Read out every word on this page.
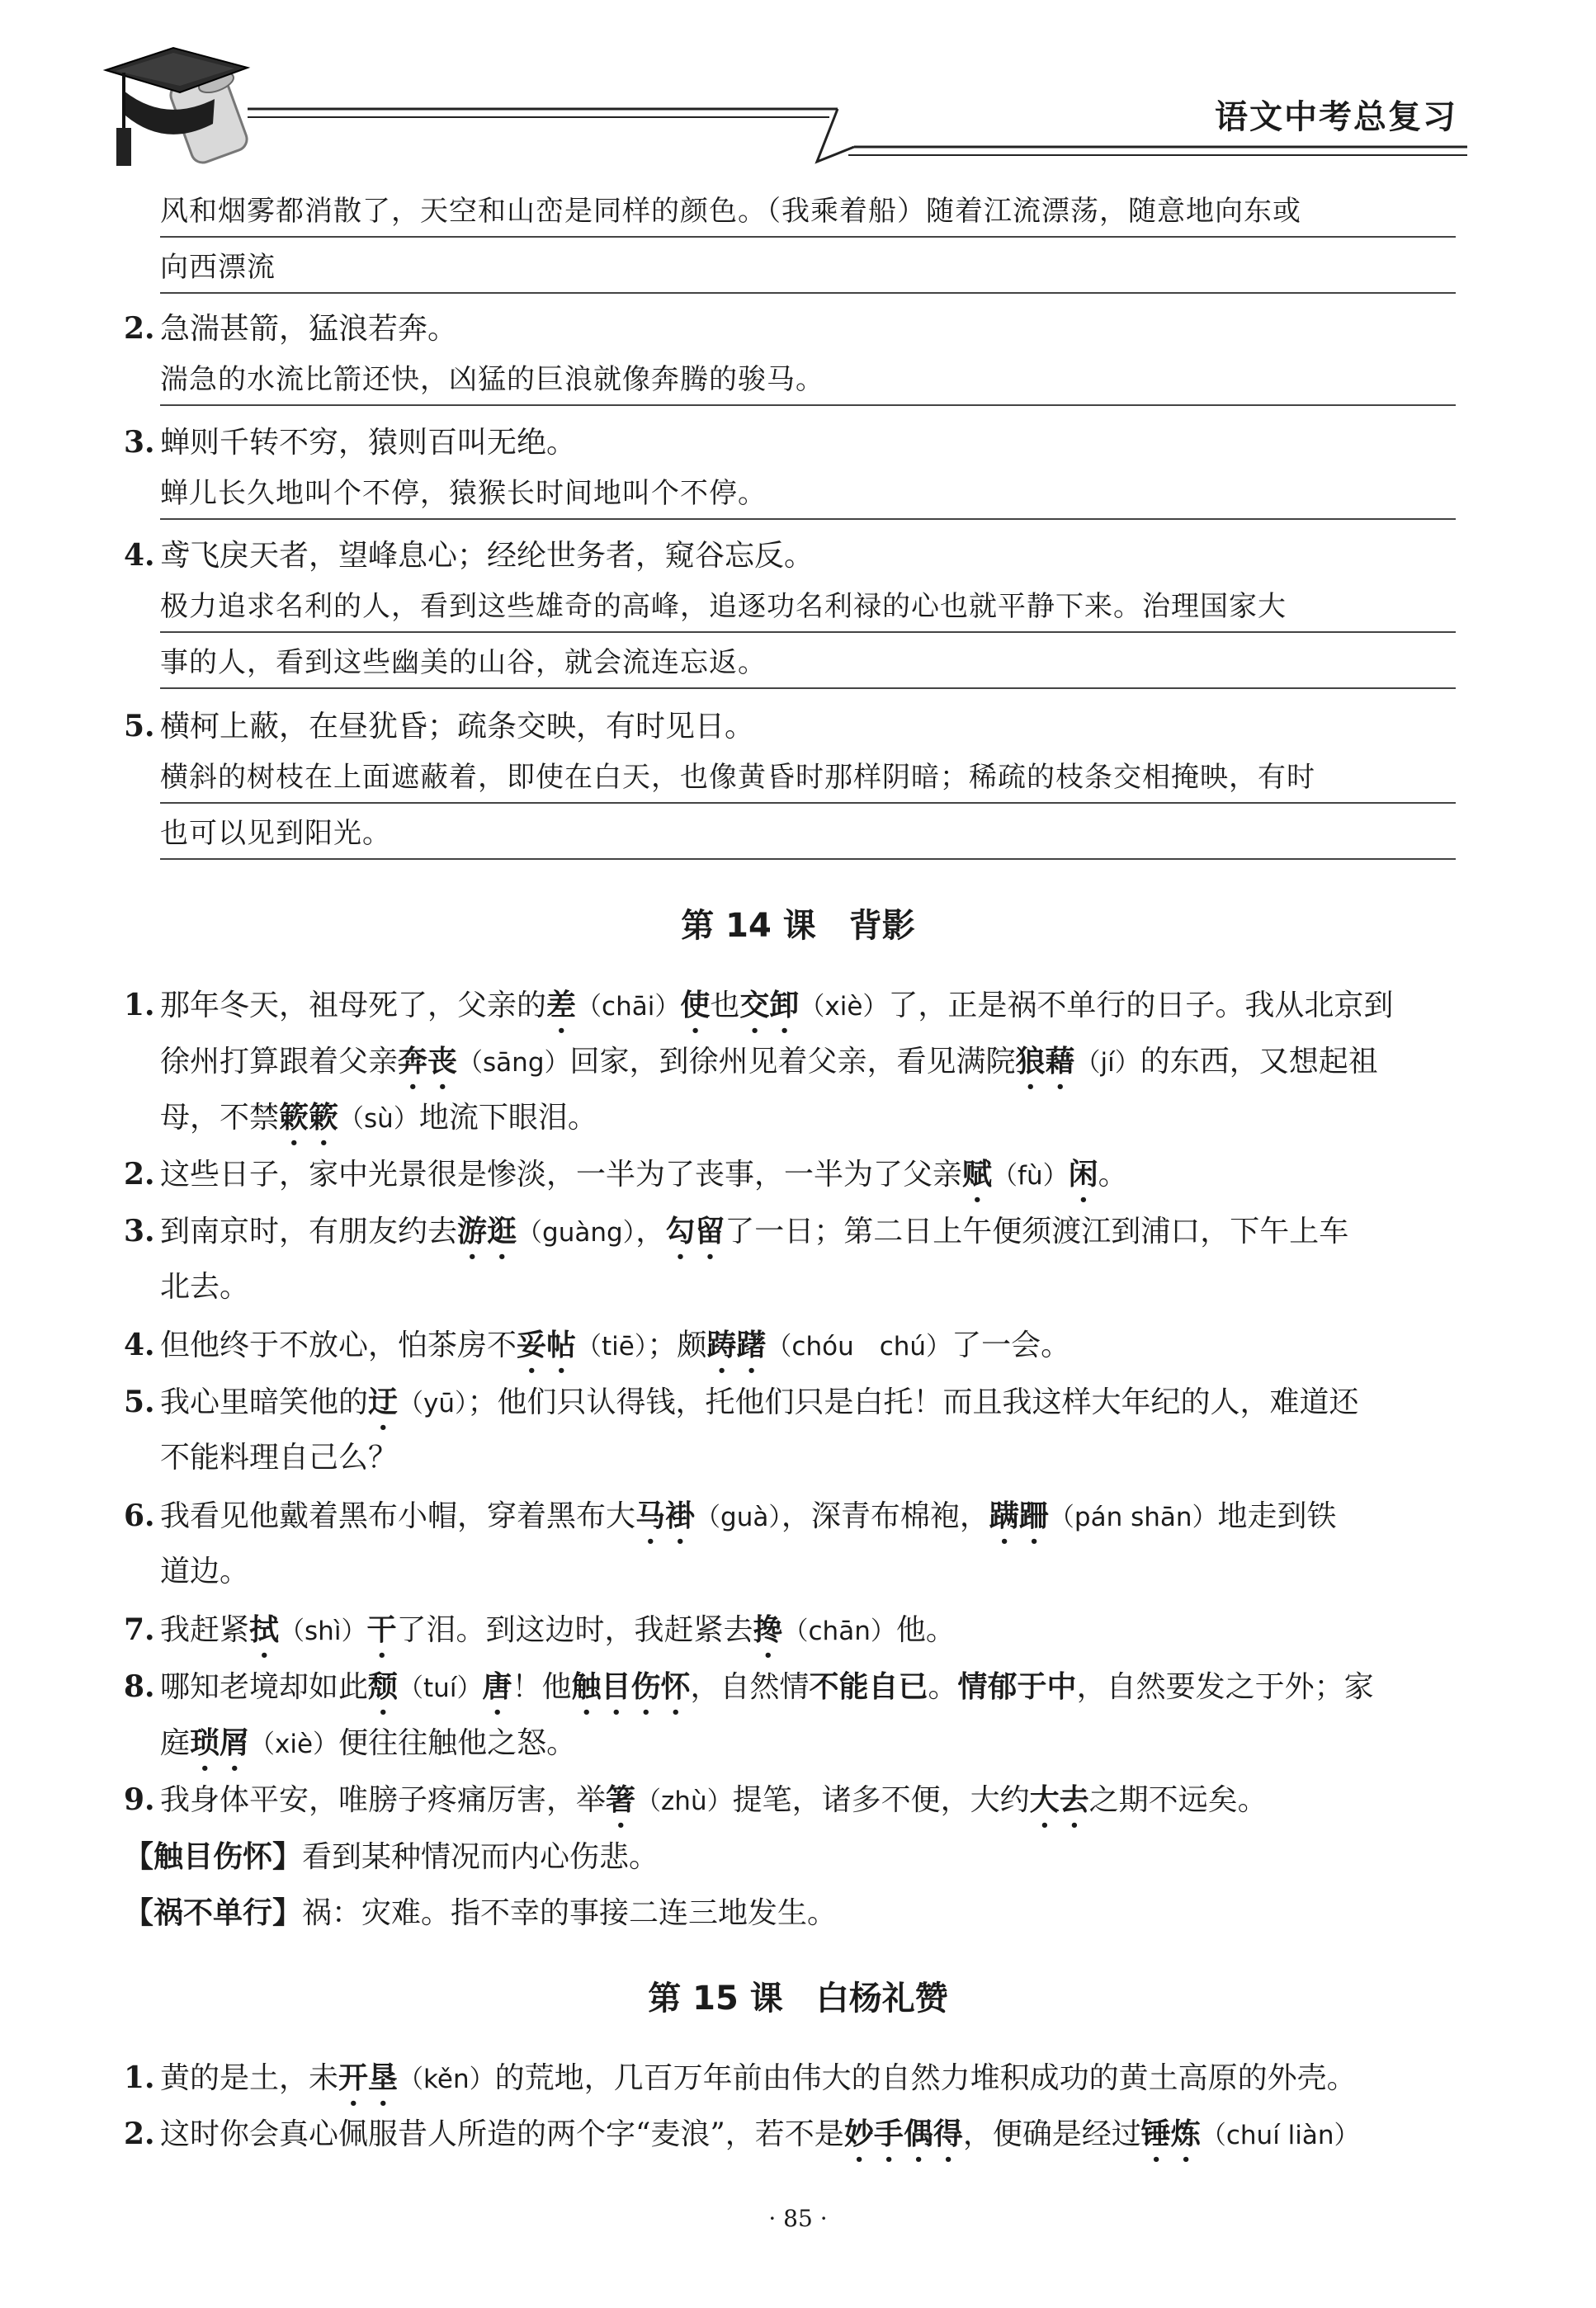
语文中考总复习
风和烟雾都消散了，天空和山峦是同样的颜色。（我乘着船）随着江流漂荡，随意地向东或
向西漂流
2. 急湍甚箭，猛浪若奔。
湍急的水流比箭还快，凶猛的巨浪就像奔腾的骏马。
3. 蝉则千转不穷，猿则百叫无绝。
蝉儿长久地叫个不停，猿猴长时间地叫个不停。
4. 鸢飞戾天者，望峰息心；经纶世务者，窥谷忘反。
极力追求名利的人，看到这些雄奇的高峰，追逐功名利禄的心也就平静下来。治理国家大
事的人，看到这些幽美的山谷，就会流连忘返。
5. 横柯上蔽，在昼犹昏；疏条交映，有时见日。
横斜的树枝在上面遮蔽着，即使在白天，也像黄昏时那样阴暗；稀疏的枝条交相掩映，有时
也可以见到阳光。
第 14 课　背影
1. 那年冬天，祖母死了，父亲的差（chāi）使也交卸（xiè）了，正是祸不单行的日子。我从北京到
徐州打算跟着父亲奔丧（sāng）回家，到徐州见着父亲，看见满院狼藉（jí）的东西，又想起祖
母，不禁簌簌（sù）地流下眼泪。
2. 这些日子，家中光景很是惨淡，一半为了丧事，一半为了父亲赋（fù）闲。
3. 到南京时，有朋友约去游逛（guàng），勾留了一日；第二日上午便须渡江到浦口，下午上车
北去。
4. 但他终于不放心，怕茶房不妥帖（tiē）；颇踌躇（chóu　chú）了一会。
5. 我心里暗笑他的迂（yū）；他们只认得钱，托他们只是白托！而且我这样大年纪的人，难道还
不能料理自己么？
6. 我看见他戴着黑布小帽，穿着黑布大马褂（guà），深青布棉袍，蹒跚（pán shān）地走到铁
道边。
7. 我赶紧拭（shì）干了泪。到这边时，我赶紧去搀（chān）他。
8. 哪知老境却如此颓（tuí）唐！他触目伤怀，自然情不能自已。情郁于中，自然要发之于外；家
庭琐屑（xiè）便往往触他之怒。
9. 我身体平安，唯膀子疼痛厉害，举箸（zhù）提笔，诸多不便，大约大去之期不远矣。
【触目伤怀】看到某种情况而内心伤悲。
【祸不单行】祸：灾难。指不幸的事接二连三地发生。
第 15 课　白杨礼赞
1. 黄的是土，未开垦（kěn）的荒地，几百万年前由伟大的自然力堆积成功的黄土高原的外壳。
2. 这时你会真心佩服昔人所造的两个字“麦浪”，若不是妙手偶得，便确是经过锤炼（chuí liàn）
· 85 ·
